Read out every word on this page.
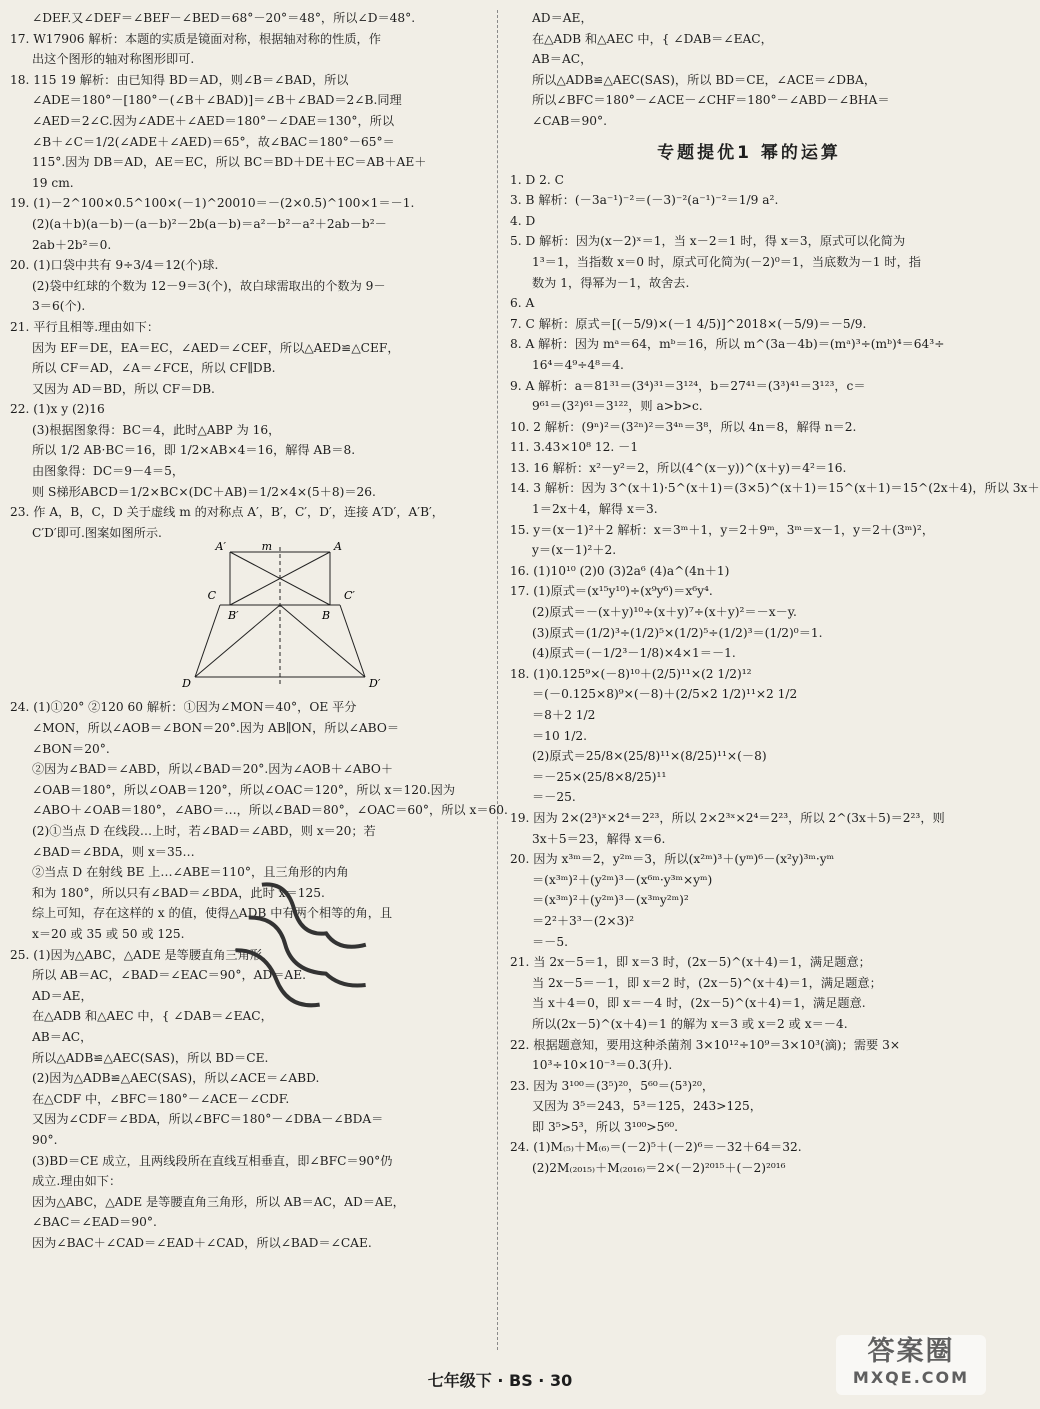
∠DEF.又∠DEF＝∠BEF－∠BED＝68°－20°＝48°，所以∠D＝48°.
17. W17906 解析：本题的实质是镜面对称，根据轴对称的性质，作
出这个图形的轴对称图形即可.
18. 115 19 解析：由已知得 BD＝AD，则∠B＝∠BAD，所以
∠ADE＝180°－[180°－(∠B＋∠BAD)]＝∠B＋∠BAD＝2∠B.同理
∠AED＝2∠C.因为∠ADE＋∠AED＝180°－∠DAE＝130°，所以
∠B＋∠C＝1/2(∠ADE＋∠AED)＝65°，故∠BAC＝180°－65°＝
115°.因为 DB＝AD，AE＝EC，所以 BC＝BD＋DE＋EC＝AB＋AE＋
19 cm.
19. (1)－2^100×0.5^100×(－1)^20010＝－(2×0.5)^100×1＝－1.
(2)(a＋b)(a－b)－(a－b)²－2b(a－b)＝a²－b²－a²＋2ab－b²－
2ab＋2b²＝0.
20. (1)口袋中共有 9÷3/4＝12(个)球.
(2)袋中红球的个数为 12－9＝3(个)，故白球需取出的个数为 9－
3＝6(个).
21. 平行且相等.理由如下：
因为 EF＝DE，EA＝EC，∠AED＝∠CEF，所以△AED≌△CEF，
所以 CF＝AD，∠A＝∠FCE，所以 CF∥DB.
又因为 AD＝BD，所以 CF＝DB.
22. (1)x y (2)16
(3)根据图象得：BC＝4，此时△ABP 为 16，
所以 1/2 AB·BC＝16，即 1/2×AB×4＝16，解得 AB＝8.
由图象得：DC＝9－4＝5，
则 S梯形ABCD＝1/2×BC×(DC＋AB)＝1/2×4×(5＋8)＝26.
23. 作 A，B，C，D 关于虚线 m 的对称点 A′，B′，C′，D′，连接 A′D′，A′B′，
C′D′即可.图案如图所示.
A′	m	A
C	C′
B′	B
D	D′
24. (1)①20° ②120 60 解析：①因为∠MON＝40°，OE 平分
∠MON，所以∠AOB＝∠BON＝20°.因为 AB∥ON，所以∠ABO＝
∠BON＝20°.
②因为∠BAD＝∠ABD，所以∠BAD＝20°.因为∠AOB＋∠ABO＋
∠OAB＝180°，所以∠OAB＝120°，所以∠OAC＝120°，所以 x＝120.因为
∠ABO＋∠OAB＝180°，∠ABO＝…，所以∠BAD＝80°，∠OAC＝60°，所以 x＝60.
(2)①当点 D 在线段…上时，若∠BAD＝∠ABD，则 x＝20；若
∠BAD＝∠BDA，则 x＝35…
②当点 D 在射线 BE 上…∠ABE＝110°，且三角形的内角
和为 180°，所以只有∠BAD＝∠BDA，此时 x＝125.
综上可知，存在这样的 x 的值，使得△ADB 中有两个相等的角，且
x＝20 或 35 或 50 或 125.
25. (1)因为△ABC，△ADE 是等腰直角三角形，
所以 AB＝AC，∠BAD＝∠EAC＝90°，AD＝AE.
AD＝AE，
在△ADB 和△AEC 中，{ ∠DAB＝∠EAC，
AB＝AC，
所以△ADB≌△AEC(SAS)，所以 BD＝CE.
(2)因为△ADB≌△AEC(SAS)，所以∠ACE＝∠ABD.
在△CDF 中，∠BFC＝180°－∠ACE－∠CDF.
又因为∠CDF＝∠BDA，所以∠BFC＝180°－∠DBA－∠BDA＝
90°.
(3)BD＝CE 成立，且两线段所在直线互相垂直，即∠BFC＝90°仍
成立.理由如下：
因为△ABC，△ADE 是等腰直角三角形，所以 AB＝AC，AD＝AE，
∠BAC＝∠EAD＝90°.
因为∠BAC＋∠CAD＝∠EAD＋∠CAD，所以∠BAD＝∠CAE.
AD＝AE，
在△ADB 和△AEC 中，{ ∠DAB＝∠EAC，
AB＝AC，
所以△ADB≌△AEC(SAS)，所以 BD＝CE，∠ACE＝∠DBA，
所以∠BFC＝180°－∠ACE－∠CHF＝180°－∠ABD－∠BHA＝
∠CAB＝90°.
专题提优1 幂的运算
1. D 2. C
3. B 解析：(－3a⁻¹)⁻²＝(－3)⁻²(a⁻¹)⁻²＝1/9 a².
4. D
5. D 解析：因为(x－2)ˣ＝1，当 x－2＝1 时，得 x＝3，原式可以化简为
1³＝1，当指数 x＝0 时，原式可化简为(－2)⁰＝1，当底数为－1 时，指
数为 1，得幂为－1，故舍去.
6. A
7. C 解析：原式＝[(－5/9)×(－1 4/5)]^2018×(－5/9)＝－5/9.
8. A 解析：因为 mᵃ＝64，mᵇ＝16，所以 m^(3a－4b)＝(mᵃ)³÷(mᵇ)⁴＝64³÷
16⁴＝4⁹÷4⁸＝4.
9. A 解析：a＝81³¹＝(3⁴)³¹＝3¹²⁴，b＝27⁴¹＝(3³)⁴¹＝3¹²³，c＝
9⁶¹＝(3²)⁶¹＝3¹²²，则 a>b>c.
10. 2 解析：(9ⁿ)²＝(3²ⁿ)²＝3⁴ⁿ＝3⁸，所以 4n＝8，解得 n＝2.
11. 3.43×10⁸ 12. －1
13. 16 解析：x²－y²＝2，所以(4^(x－y))^(x＋y)＝4²＝16.
14. 3 解析：因为 3^(x＋1)·5^(x＋1)＝(3×5)^(x＋1)＝15^(x＋1)＝15^(2x＋4)，所以 3x＋
1＝2x＋4，解得 x＝3.
15. y＝(x－1)²＋2 解析：x＝3ᵐ＋1，y＝2＋9ᵐ，3ᵐ＝x－1，y＝2＋(3ᵐ)²，
y＝(x－1)²＋2.
16. (1)10¹⁰ (2)0 (3)2a⁶ (4)a^(4n＋1)
17. (1)原式＝(x¹⁵y¹⁰)÷(x⁹y⁶)＝x⁶y⁴.
(2)原式＝－(x＋y)¹⁰÷(x＋y)⁷÷(x＋y)²＝－x－y.
(3)原式＝(1/2)³÷(1/2)⁵×(1/2)⁵÷(1/2)³＝(1/2)⁰＝1.
(4)原式＝(－1/2³－1/8)×4×1＝－1.
18. (1)0.125⁹×(－8)¹⁰＋(2/5)¹¹×(2 1/2)¹²
＝(－0.125×8)⁹×(－8)＋(2/5×2 1/2)¹¹×2 1/2
＝8＋2 1/2
＝10 1/2.
(2)原式＝25/8×(25/8)¹¹×(8/25)¹¹×(－8)
＝－25×(25/8×8/25)¹¹
＝－25.
19. 因为 2×(2³)ˣ×2⁴＝2²³，所以 2×2³ˣ×2⁴＝2²³，所以 2^(3x＋5)＝2²³，则
3x＋5＝23，解得 x＝6.
20. 因为 x³ᵐ＝2，y²ᵐ＝3，所以(x²ᵐ)³＋(yᵐ)⁶－(x²y)³ᵐ·yᵐ
＝(x³ᵐ)²＋(y²ᵐ)³－(x⁶ᵐ·y³ᵐ×yᵐ)
＝(x³ᵐ)²＋(y²ᵐ)³－(x³ᵐy²ᵐ)²
＝2²＋3³－(2×3)²
＝－5.
21. 当 2x－5＝1，即 x＝3 时，(2x－5)^(x＋4)＝1，满足题意；
当 2x－5＝－1，即 x＝2 时，(2x－5)^(x＋4)＝1，满足题意；
当 x＋4＝0，即 x＝－4 时，(2x－5)^(x＋4)＝1，满足题意.
所以(2x－5)^(x＋4)＝1 的解为 x＝3 或 x＝2 或 x＝－4.
22. 根据题意知，要用这种杀菌剂 3×10¹²÷10⁹＝3×10³(滴)；需要 3×
10³÷10×10⁻³＝0.3(升).
23. 因为 3¹⁰⁰＝(3⁵)²⁰，5⁶⁰＝(5³)²⁰，
又因为 3⁵＝243，5³＝125，243>125，
即 3⁵>5³，所以 3¹⁰⁰>5⁶⁰.
24. (1)M₍₅₎＋M₍₆₎＝(－2)⁵＋(－2)⁶＝－32＋64＝32.
(2)2M₍₂₀₁₅₎＋M₍₂₀₁₆₎＝2×(－2)²⁰¹⁵＋(－2)²⁰¹⁶
七年级下 · BS · 30
答案圈
MXQE.COM
